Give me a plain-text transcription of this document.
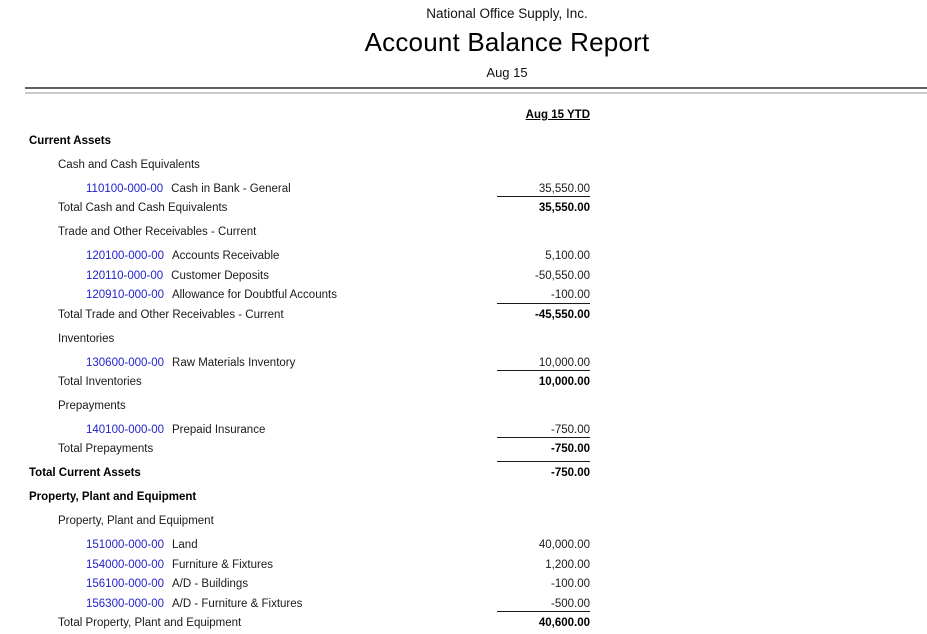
National Office Supply, Inc.
Account Balance Report
Aug 15
Aug 15 YTD
Current Assets
Cash and Cash Equivalents
110100-000-00 Cash in Bank - General	35,550.00
Total Cash and Cash Equivalents	35,550.00
Trade and Other Receivables - Current
120100-000-00 Accounts Receivable	5,100.00
120110-000-00 Customer Deposits	-50,550.00
120910-000-00 Allowance for Doubtful Accounts	-100.00
Total Trade and Other Receivables - Current	-45,550.00
Inventories
130600-000-00 Raw Materials Inventory	10,000.00
Total Inventories	10,000.00
Prepayments
140100-000-00 Prepaid Insurance	-750.00
Total Prepayments	-750.00
Total Current Assets	-750.00
Property, Plant and Equipment
Property, Plant and Equipment
151000-000-00 Land	40,000.00
154000-000-00 Furniture & Fixtures	1,200.00
156100-000-00 A/D - Buildings	-100.00
156300-000-00 A/D - Furniture & Fixtures	-500.00
Total Property, Plant and Equipment	40,600.00
